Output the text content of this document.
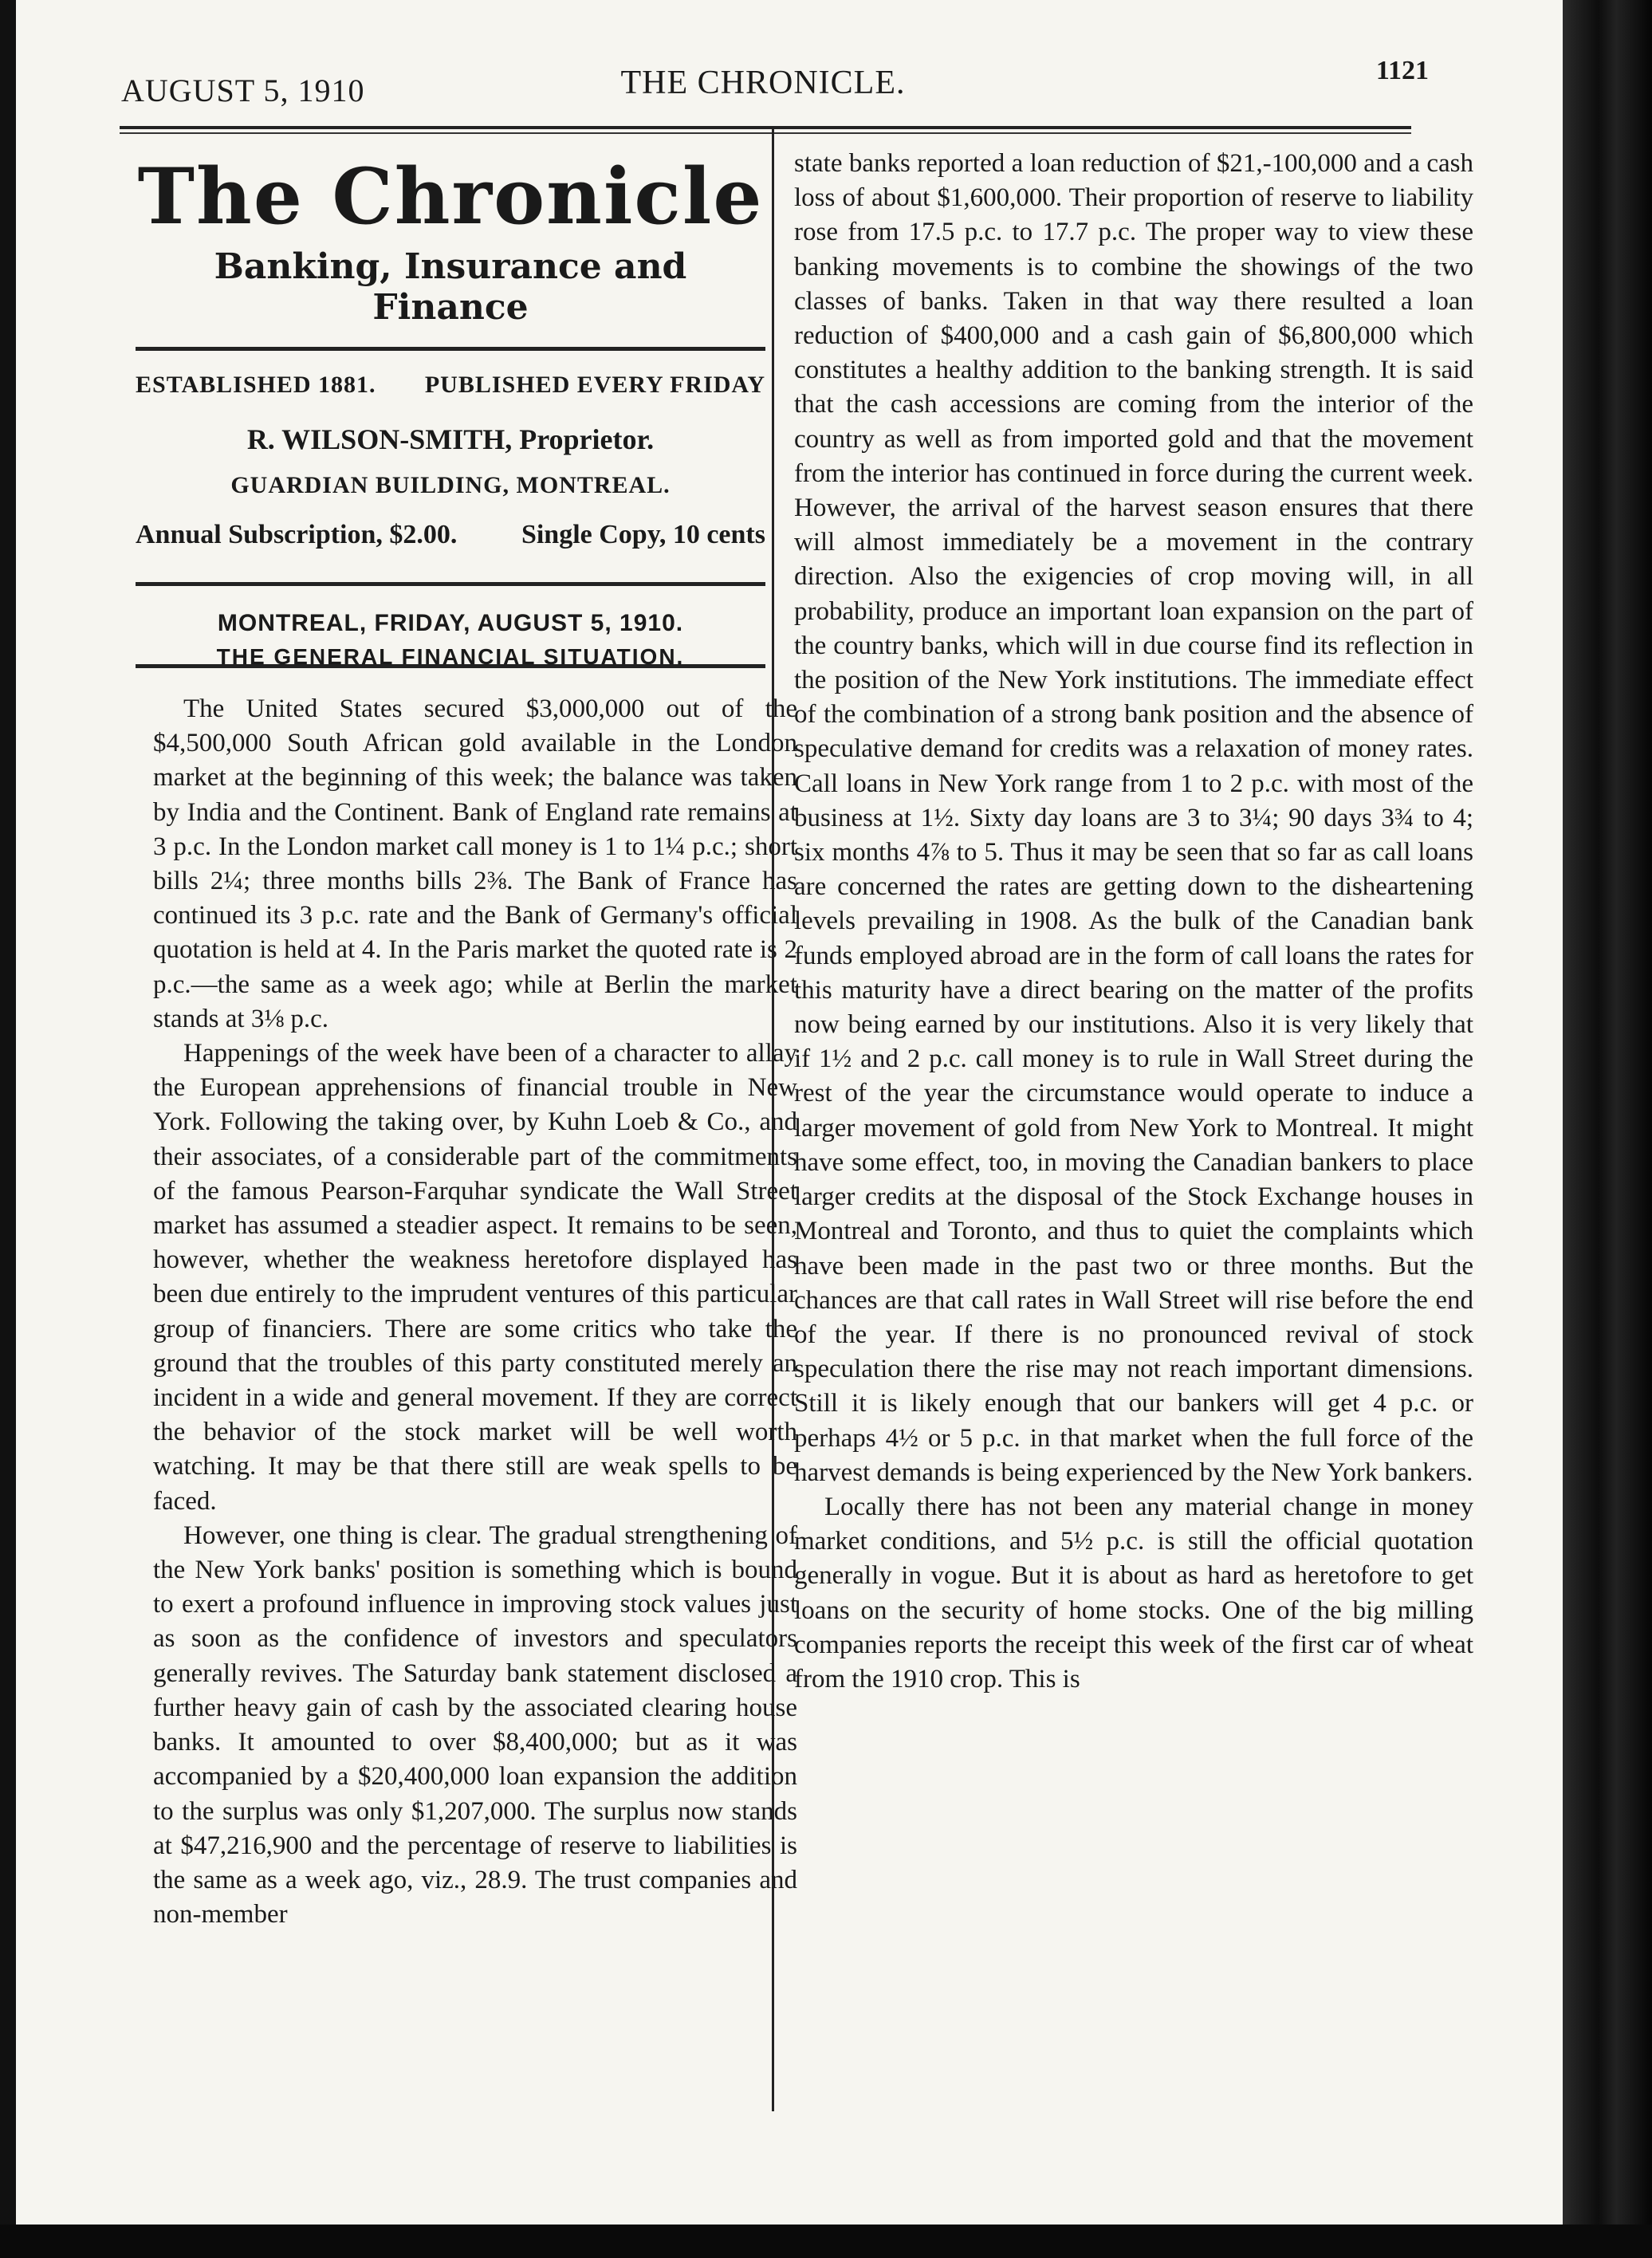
AUGUST 5, 1910	THE CHRONICLE.	1121
The Chronicle
Banking, Insurance and Finance
ESTABLISHED 1881. PUBLISHED EVERY FRIDAY
R. WILSON-SMITH, Proprietor.
GUARDIAN BUILDING, MONTREAL.
Annual Subscription, $2.00. Single Copy, 10 cents
MONTREAL, FRIDAY, AUGUST 5, 1910.
THE GENERAL FINANCIAL SITUATION.

The United States secured $3,000,000 out of the $4,500,000 South African gold available in the London market at the beginning of this week; the balance was taken by India and the Continent. Bank of England rate remains at 3 p.c. In the London market call money is 1 to 1¼ p.c.; short bills 2¼; three months bills 2⅜. The Bank of France has continued its 3 p.c. rate and the Bank of Germany's official quotation is held at 4. In the Paris market the quoted rate is 2 p.c.—the same as a week ago; while at Berlin the market stands at 3⅛ p.c.

Happenings of the week have been of a character to allay the European apprehensions of financial trouble in New York. Following the taking over, by Kuhn Loeb & Co., and their associates, of a considerable part of the commitments of the famous Pearson-Farquhar syndicate the Wall Street market has assumed a steadier aspect. It remains to be seen, however, whether the weakness heretofore displayed has been due entirely to the imprudent ventures of this particular group of financiers. There are some critics who take the ground that the troubles of this party constituted merely an incident in a wide and general movement. If they are correct the behavior of the stock market will be well worth watching. It may be that there still are weak spells to be faced.

However, one thing is clear. The gradual strengthening of the New York banks' position is something which is bound to exert a profound influence in improving stock values just as soon as the confidence of investors and speculators generally revives. The Saturday bank statement disclosed a further heavy gain of cash by the associated clearing house banks. It amounted to over $8,400,000; but as it was accompanied by a $20,400,000 loan expansion the addition to the surplus was only $1,207,000. The surplus now stands at $47,216,900 and the percentage of reserve to liabilities is the same as a week ago, viz., 28.9. The trust companies and non-member

state banks reported a loan reduction of $21,-100,000 and a cash loss of about $1,600,000. Their proportion of reserve to liability rose from 17.5 p.c. to 17.7 p.c. The proper way to view these banking movements is to combine the showings of the two classes of banks. Taken in that way there resulted a loan reduction of $400,000 and a cash gain of $6,800,000 which constitutes a healthy addition to the banking strength. It is said that the cash accessions are coming from the interior of the country as well as from imported gold and that the movement from the interior has continued in force during the current week. However, the arrival of the harvest season ensures that there will almost immediately be a movement in the contrary direction. Also the exigencies of crop moving will, in all probability, produce an important loan expansion on the part of the country banks, which will in due course find its reflection in the position of the New York institutions. The immediate effect of the combination of a strong bank position and the absence of speculative demand for credits was a relaxation of money rates. Call loans in New York range from 1 to 2 p.c. with most of the business at 1½. Sixty day loans are 3 to 3¼; 90 days 3¾ to 4; six months 4⅞ to 5. Thus it may be seen that so far as call loans are concerned the rates are getting down to the disheartening levels prevailing in 1908. As the bulk of the Canadian bank funds employed abroad are in the form of call loans the rates for this maturity have a direct bearing on the matter of the profits now being earned by our institutions. Also it is very likely that if 1½ and 2 p.c. call money is to rule in Wall Street during the rest of the year the circumstance would operate to induce a larger movement of gold from New York to Montreal. It might have some effect, too, in moving the Canadian bankers to place larger credits at the disposal of the Stock Exchange houses in Montreal and Toronto, and thus to quiet the complaints which have been made in the past two or three months. But the chances are that call rates in Wall Street will rise before the end of the year. If there is no pronounced revival of stock speculation there the rise may not reach important dimensions. Still it is likely enough that our bankers will get 4 p.c. or perhaps 4½ or 5 p.c. in that market when the full force of the harvest demands is being experienced by the New York bankers.

Locally there has not been any material change in money market conditions, and 5½ p.c. is still the official quotation generally in vogue. But it is about as hard as heretofore to get loans on the security of home stocks. One of the big milling companies reports the receipt this week of the first car of wheat from the 1910 crop. This is
